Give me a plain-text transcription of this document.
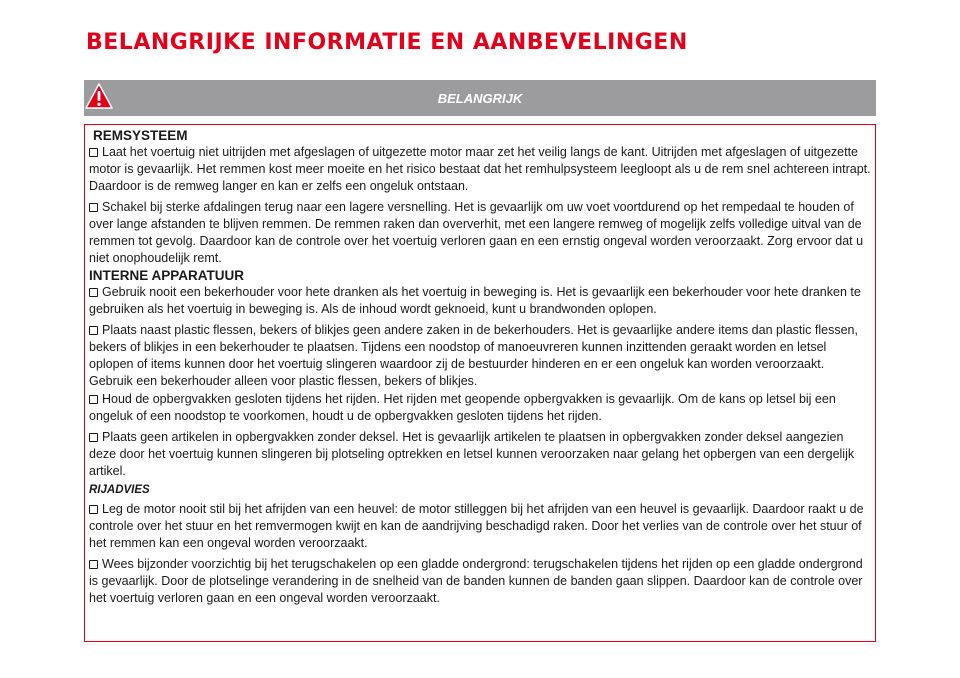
BELANGRIJKE INFORMATIE EN AANBEVELINGEN
BELANGRIJK
REMSYSTEEM

Laat het voertuig niet uitrijden met afgeslagen of uitgezette motor maar zet het veilig langs de kant. Uitrijden met afgeslagen of uitgezette motor is gevaarlijk. Het remmen kost meer moeite en het risico bestaat dat het remhulpsysteem leegloopt als u de rem snel achtereen intrapt. Daardoor is de remweg langer en kan er zelfs een ongeluk ontstaan.

Schakel bij sterke afdalingen terug naar een lagere versnelling. Het is gevaarlijk om uw voet voortdurend op het rempedaal te houden of over lange afstanden te blijven remmen. De remmen raken dan oververhit, met een langere remweg of mogelijk zelfs volledige uitval van de remmen tot gevolg. Daardoor kan de controle over het voertuig verloren gaan en een ernstig ongeval worden veroorzaakt. Zorg ervoor dat u niet onophoudelijk remt.

INTERNE APPARATUUR

Gebruik nooit een bekerhouder voor hete dranken als het voertuig in beweging is. Het is gevaarlijk een bekerhouder voor hete dranken te gebruiken als het voertuig in beweging is. Als de inhoud wordt geknoeid, kunt u brandwonden oplopen.

Plaats naast plastic flessen, bekers of blikjes geen andere zaken in de bekerhouders. Het is gevaarlijke andere items dan plastic flessen, bekers of blikjes in een bekerhouder te plaatsen. Tijdens een noodstop of manoeuvreren kunnen inzittenden geraakt worden en letsel oplopen of items kunnen door het voertuig slingeren waardoor zij de bestuurder hinderen en er een ongeluk kan worden veroorzaakt. Gebruik een bekerhouder alleen voor plastic flessen, bekers of blikjes.

Houd de opbergvakken gesloten tijdens het rijden. Het rijden met geopende opbergvakken is gevaarlijk. Om de kans op letsel bij een ongeluk of een noodstop te voorkomen, houdt u de opbergvakken gesloten tijdens het rijden.

Plaats geen artikelen in opbergvakken zonder deksel. Het is gevaarlijk artikelen te plaatsen in opbergvakken zonder deksel aangezien deze door het voertuig kunnen slingeren bij plotseling optrekken en letsel kunnen veroorzaken naar gelang het opbergen van een dergelijk artikel.

RIJADVIES

Leg de motor nooit stil bij het afrijden van een heuvel: de motor stilleggen bij het afrijden van een heuvel is gevaarlijk. Daardoor raakt u de controle over het stuur en het remvermogen kwijt en kan de aandrijving beschadigd raken. Door het verlies van de controle over het stuur of het remmen kan een ongeval worden veroorzaakt.

Wees bijzonder voorzichtig bij het terugschakelen op een gladde ondergrond: terugschakelen tijdens het rijden op een gladde ondergrond is gevaarlijk. Door de plotselinge verandering in de snelheid van de banden kunnen de banden gaan slippen. Daardoor kan de controle over het voertuig verloren gaan en een ongeval worden veroorzaakt.
